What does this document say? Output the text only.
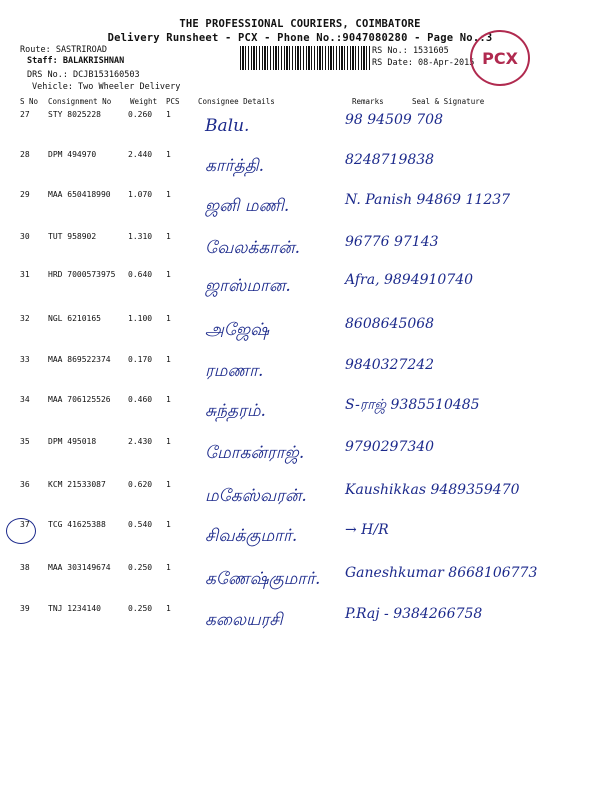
THE PROFESSIONAL COURIERS, COIMBATORE
Delivery Runsheet - PCX - Phone No.:9047080280 - Page No.:3
Route: SASTRIROAD
Staff: BALAKRISHNAN
DRS No.: DCJB153160503
Vehicle: Two Wheeler Delivery
RS No.: 1531605
RS Date: 08-Apr-2015 PCX
S No Consignment No	Weight PCS Consignee Details	Remarks	Seal & Signature
27 STY 8025228	0.260 1
Balu.	98 94509 708
28 DPM 494970	2.440 1
கார்த்தி.	8248719838
29 MAA 650418990 1.070 1
ஜனி மணி.	N. Panish 94869 11237
30 TUT 958902	1.310 1
வேலக்கான்.	96776 97143
31 HRD 7000573975 0.640 1
ஜாஸ்மான.	Afra, 9894910740
32 NGL 6210165	1.100 1
அஜேஷ்	8608645068
33 MAA 869522374 0.170 1
ரமணா.	9840327242
34 MAA 706125526 0.460 1
சுந்தரம்.	S-ராஜ் 9385510485
35 DPM 495018	2.430 1
மோகன்ராஜ்.	9790297340
36 KCM 21533087	0.620 1
மகேஸ்வரன்.	Kaushikkas 9489359470
37 TCG 41625388	0.540 1
சிவக்குமார்.	→ H/R
38 MAA 303149674 0.250 1
கணேஷ்குமார். Ganeshkumar 8668106773
39 TNJ 1234140	0.250 1
கலையரசி	P.Raj - 9384266758
